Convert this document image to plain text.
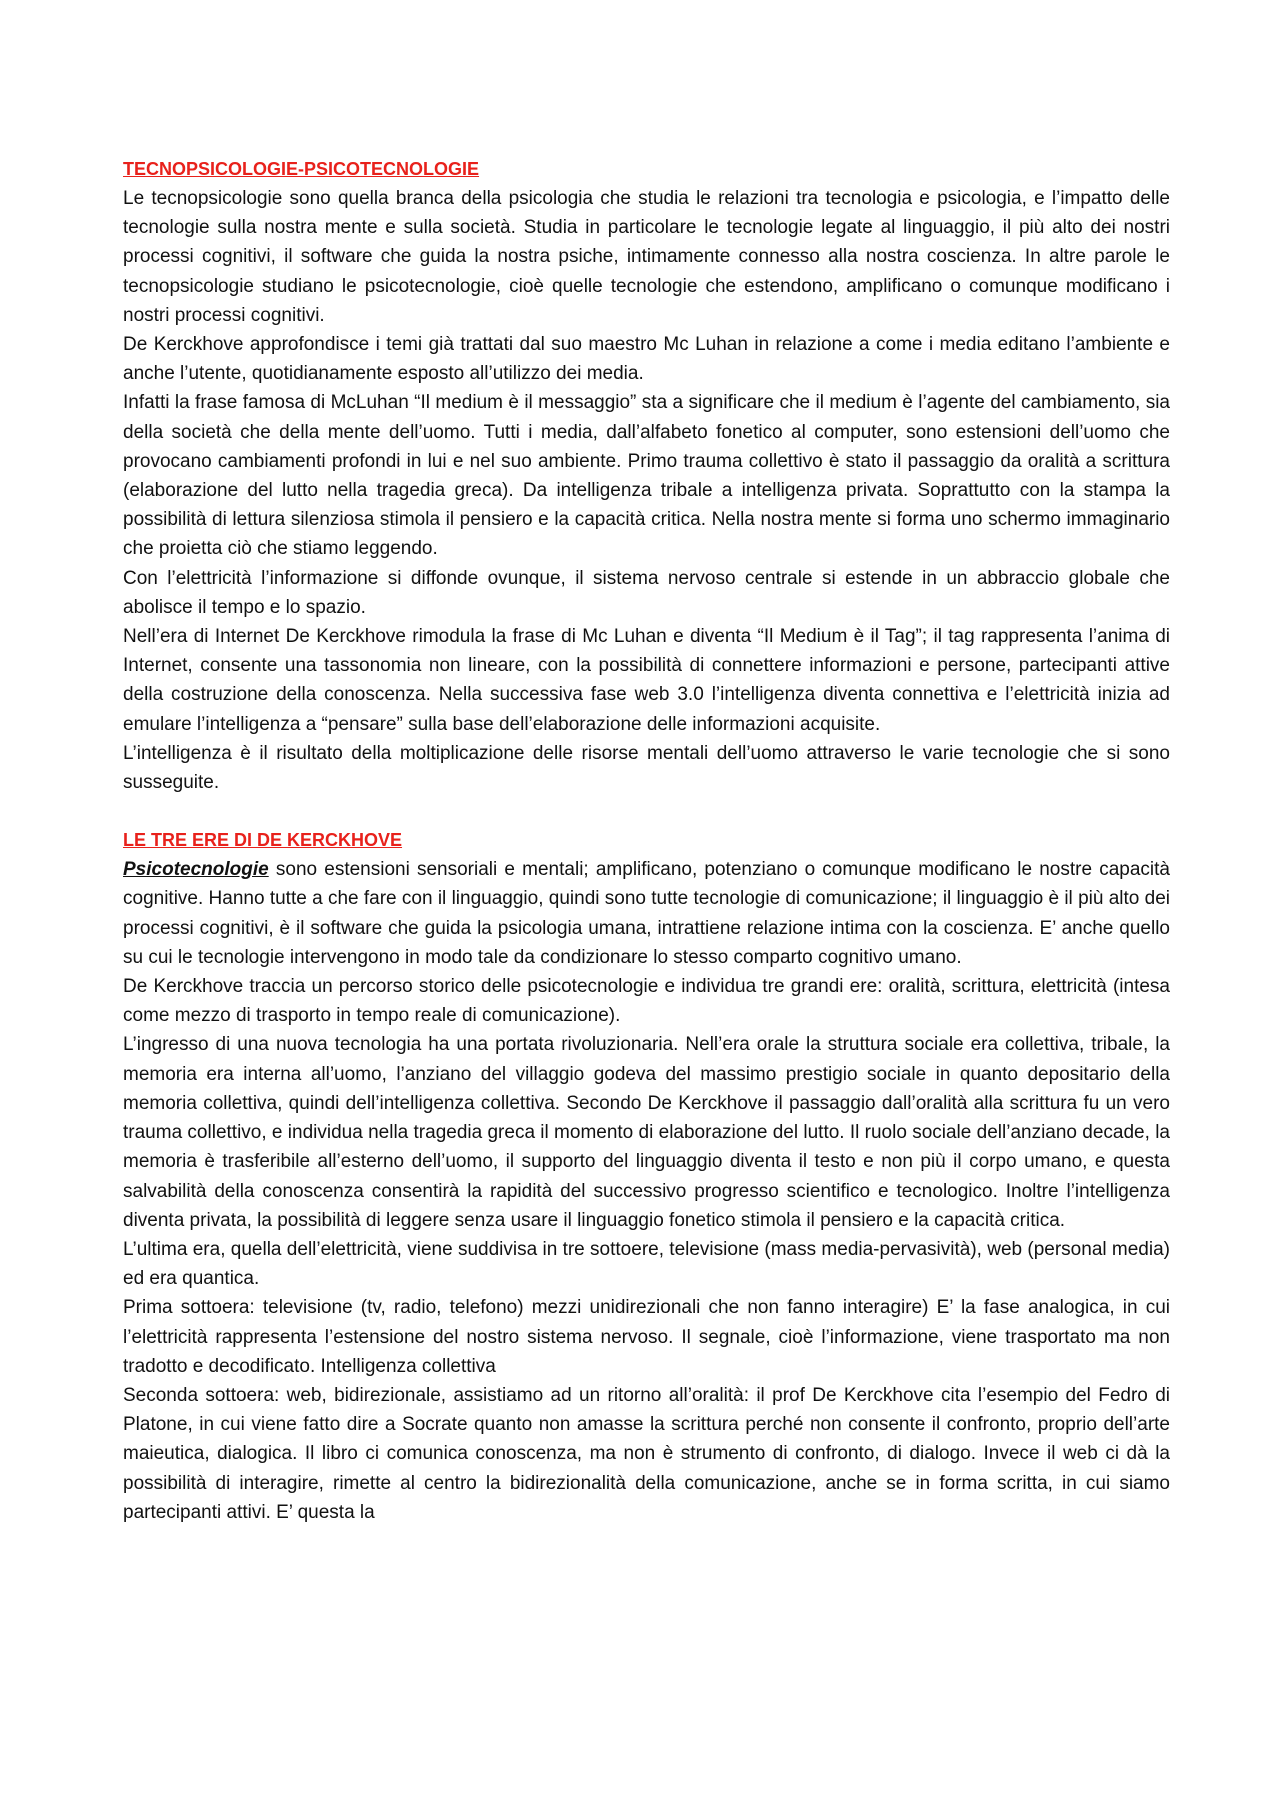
TECNOPSICOLOGIE-PSICOTECNOLOGIE

Le tecnopsicologie sono quella branca della psicologia che studia le relazioni tra tecnologia e psicologia, e l’impatto delle tecnologie sulla nostra mente e sulla società. Studia in particolare le tecnologie legate al linguaggio, il più alto dei nostri processi cognitivi, il software che guida la nostra psiche, intimamente connesso alla nostra coscienza. In altre parole le tecnopsicologie studiano le psicotecnologie, cioè quelle tecnologie che estendono, amplificano o comunque modificano i nostri processi cognitivi.

De Kerckhove approfondisce i temi già trattati dal suo maestro Mc Luhan in relazione a come i media editano l’ambiente e anche l’utente, quotidianamente esposto all’utilizzo dei media.

Infatti la frase famosa di McLuhan “Il medium è il messaggio” sta a significare che il medium è l’agente del cambiamento, sia della società che della mente dell’uomo. Tutti i media, dall’alfabeto fonetico al computer, sono estensioni dell’uomo che provocano cambiamenti profondi in lui e nel suo ambiente. Primo trauma collettivo è stato il passaggio da oralità a scrittura (elaborazione del lutto nella tragedia greca). Da intelligenza tribale a intelligenza privata. Soprattutto con la stampa la possibilità di lettura silenziosa stimola il pensiero e la capacità critica. Nella nostra mente si forma uno schermo immaginario che proietta ciò che stiamo leggendo.

Con l’elettricità l’informazione si diffonde ovunque, il sistema nervoso centrale si estende in un abbraccio globale che abolisce il tempo e lo spazio.

Nell’era di Internet De Kerckhove rimodula la frase di Mc Luhan e diventa “Il Medium è il Tag”; il tag rappresenta l’anima di Internet, consente una tassonomia non lineare, con la possibilità di connettere informazioni e persone, partecipanti attive della costruzione della conoscenza. Nella successiva fase web 3.0 l’intelligenza diventa connettiva e l’elettricità inizia ad emulare l’intelligenza a “pensare” sulla base dell’elaborazione delle informazioni acquisite.

L’intelligenza è il risultato della moltiplicazione delle risorse mentali dell’uomo attraverso le varie tecnologie che si sono susseguite.

LE TRE ERE DI DE KERCKHOVE

Psicotecnologie sono estensioni sensoriali e mentali; amplificano, potenziano o comunque modificano le nostre capacità cognitive. Hanno tutte a che fare con il linguaggio, quindi sono tutte tecnologie di comunicazione; il linguaggio è il più alto dei processi cognitivi, è il software che guida la psicologia umana, intrattiene relazione intima con la coscienza. E’ anche quello su cui le tecnologie intervengono in modo tale da condizionare lo stesso comparto cognitivo umano.

De Kerckhove traccia un percorso storico delle psicotecnologie e individua tre grandi ere: oralità, scrittura, elettricità (intesa come mezzo di trasporto in tempo reale di comunicazione).

L’ingresso di una nuova tecnologia ha una portata rivoluzionaria. Nell’era orale la struttura sociale era collettiva, tribale, la memoria era interna all’uomo, l’anziano del villaggio godeva del massimo prestigio sociale in quanto depositario della memoria collettiva, quindi dell’intelligenza collettiva. Secondo De Kerckhove il passaggio dall’oralità alla scrittura fu un vero trauma collettivo, e individua nella tragedia greca il momento di elaborazione del lutto. Il ruolo sociale dell’anziano decade, la memoria è trasferibile all’esterno dell’uomo, il supporto del linguaggio diventa il testo e non più il corpo umano, e questa salvabilità della conoscenza consentirà la rapidità del successivo progresso scientifico e tecnologico. Inoltre l’intelligenza diventa privata, la possibilità di leggere senza usare il linguaggio fonetico stimola il pensiero e la capacità critica.

L’ultima era, quella dell’elettricità, viene suddivisa in tre sottoere, televisione (mass media-pervasività), web (personal media) ed era quantica.

Prima sottoera: televisione (tv, radio, telefono) mezzi unidirezionali che non fanno interagire) E’ la fase analogica, in cui l’elettricità rappresenta l’estensione del nostro sistema nervoso. Il segnale, cioè l’informazione, viene trasportato ma non tradotto e decodificato. Intelligenza collettiva

Seconda sottoera: web, bidirezionale, assistiamo ad un ritorno all’oralità: il prof De Kerckhove cita l’esempio del Fedro di Platone, in cui viene fatto dire a Socrate quanto non amasse la scrittura perché non consente il confronto, proprio dell’arte maieutica, dialogica. Il libro ci comunica conoscenza, ma non è strumento di confronto, di dialogo. Invece il web ci dà la possibilità di interagire, rimette al centro la bidirezionalità della comunicazione, anche se in forma scritta, in cui siamo partecipanti attivi. E’ questa la
